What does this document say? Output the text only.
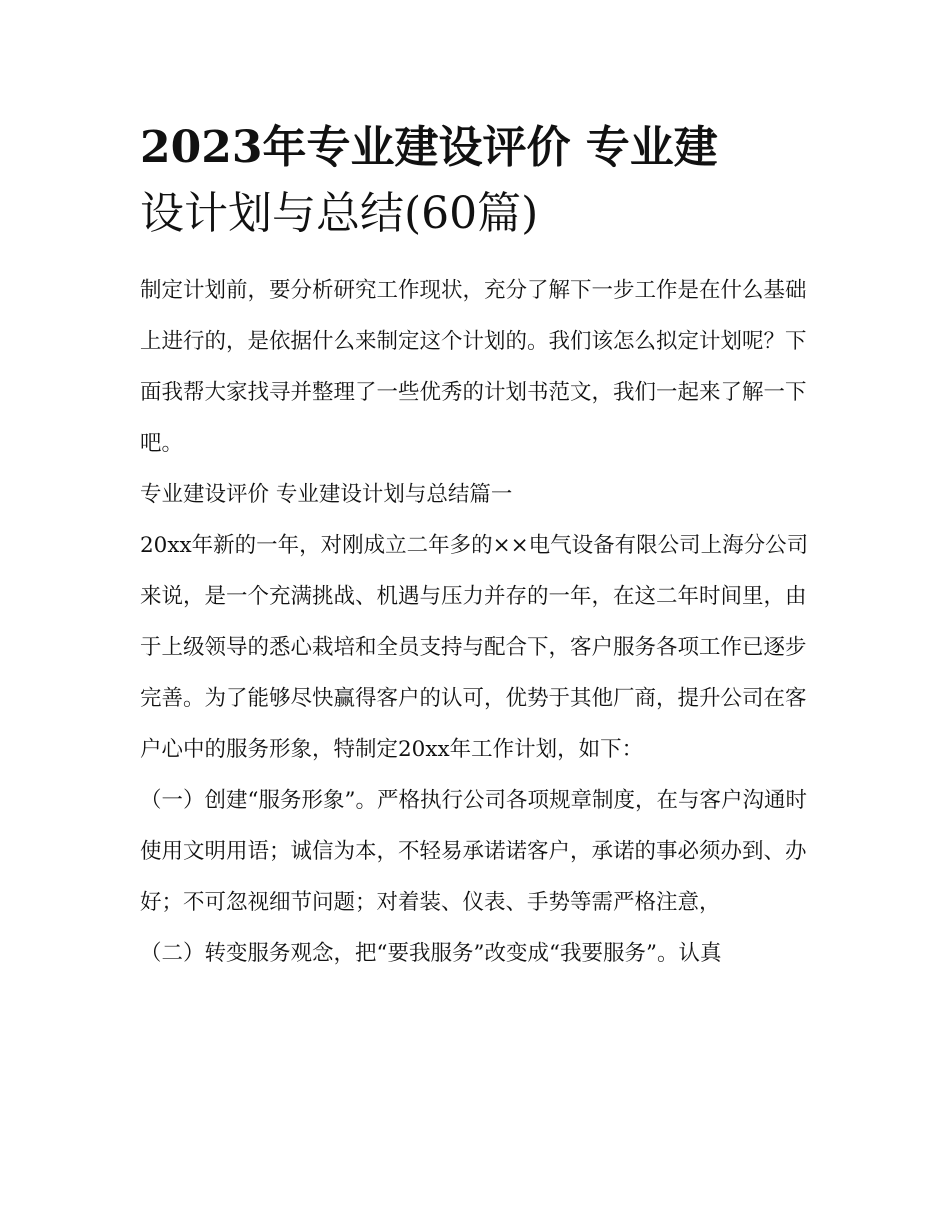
2023年专业建设评价 专业建
设计划与总结(60篇)

制定计划前，要分析研究工作现状，充分了解下一步工作是在什么基础上进行的，是依据什么来制定这个计划的。我们该怎么拟定计划呢？下面我帮大家找寻并整理了一些优秀的计划书范文，我们一起来了解一下吧。

专业建设评价 专业建设计划与总结篇一

20xx年新的一年，对刚成立二年多的××电气设备有限公司上海分公司来说，是一个充满挑战、机遇与压力并存的一年，在这二年时间里，由于上级领导的悉心栽培和全员支持与配合下，客户服务各项工作已逐步完善。为了能够尽快赢得客户的认可，优势于其他厂商，提升公司在客户心中的服务形象，特制定20xx年工作计划，如下：

（一）创建“服务形象”。严格执行公司各项规章制度，在与客户沟通时使用文明用语；诚信为本，不轻易承诺诺客户，承诺的事必须办到、办好；不可忽视细节问题；对着装、仪表、手势等需严格注意，

（二）转变服务观念，把“要我服务”改变成“我要服务”。认真
